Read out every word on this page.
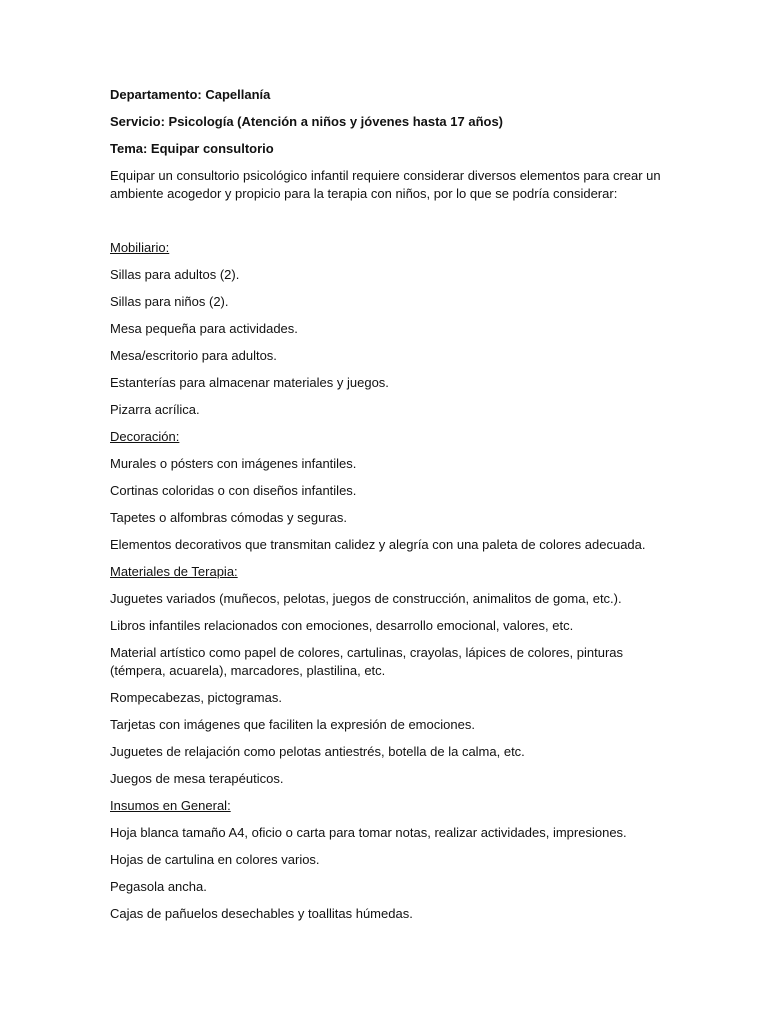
Departamento: Capellanía

Servicio: Psicología (Atención a niños y jóvenes hasta 17 años)

Tema: Equipar consultorio

Equipar un consultorio psicológico infantil requiere considerar diversos elementos para crear un ambiente acogedor y propicio para la terapia con niños, por lo que se podría considerar:

Mobiliario:

Sillas para adultos (2).

Sillas para niños (2).

Mesa pequeña para actividades.

Mesa/escritorio para adultos.

Estanterías para almacenar materiales y juegos.

Pizarra acrílica.

Decoración:

Murales o pósters con imágenes infantiles.

Cortinas coloridas o con diseños infantiles.

Tapetes o alfombras cómodas y seguras.

Elementos decorativos que transmitan calidez y alegría con una paleta de colores adecuada.

Materiales de Terapia:

Juguetes variados (muñecos, pelotas, juegos de construcción, animalitos de goma, etc.).

Libros infantiles relacionados con emociones, desarrollo emocional, valores, etc.

Material artístico como papel de colores, cartulinas, crayolas, lápices de colores, pinturas (témpera, acuarela), marcadores, plastilina, etc.

Rompecabezas, pictogramas.

Tarjetas con imágenes que faciliten la expresión de emociones.

Juguetes de relajación como pelotas antiestrés, botella de la calma, etc.

Juegos de mesa terapéuticos.

Insumos en General:

Hoja blanca tamaño A4, oficio o carta para tomar notas, realizar actividades, impresiones.

Hojas de cartulina en colores varios.

Pegasola ancha.

Cajas de pañuelos desechables y toallitas húmedas.
